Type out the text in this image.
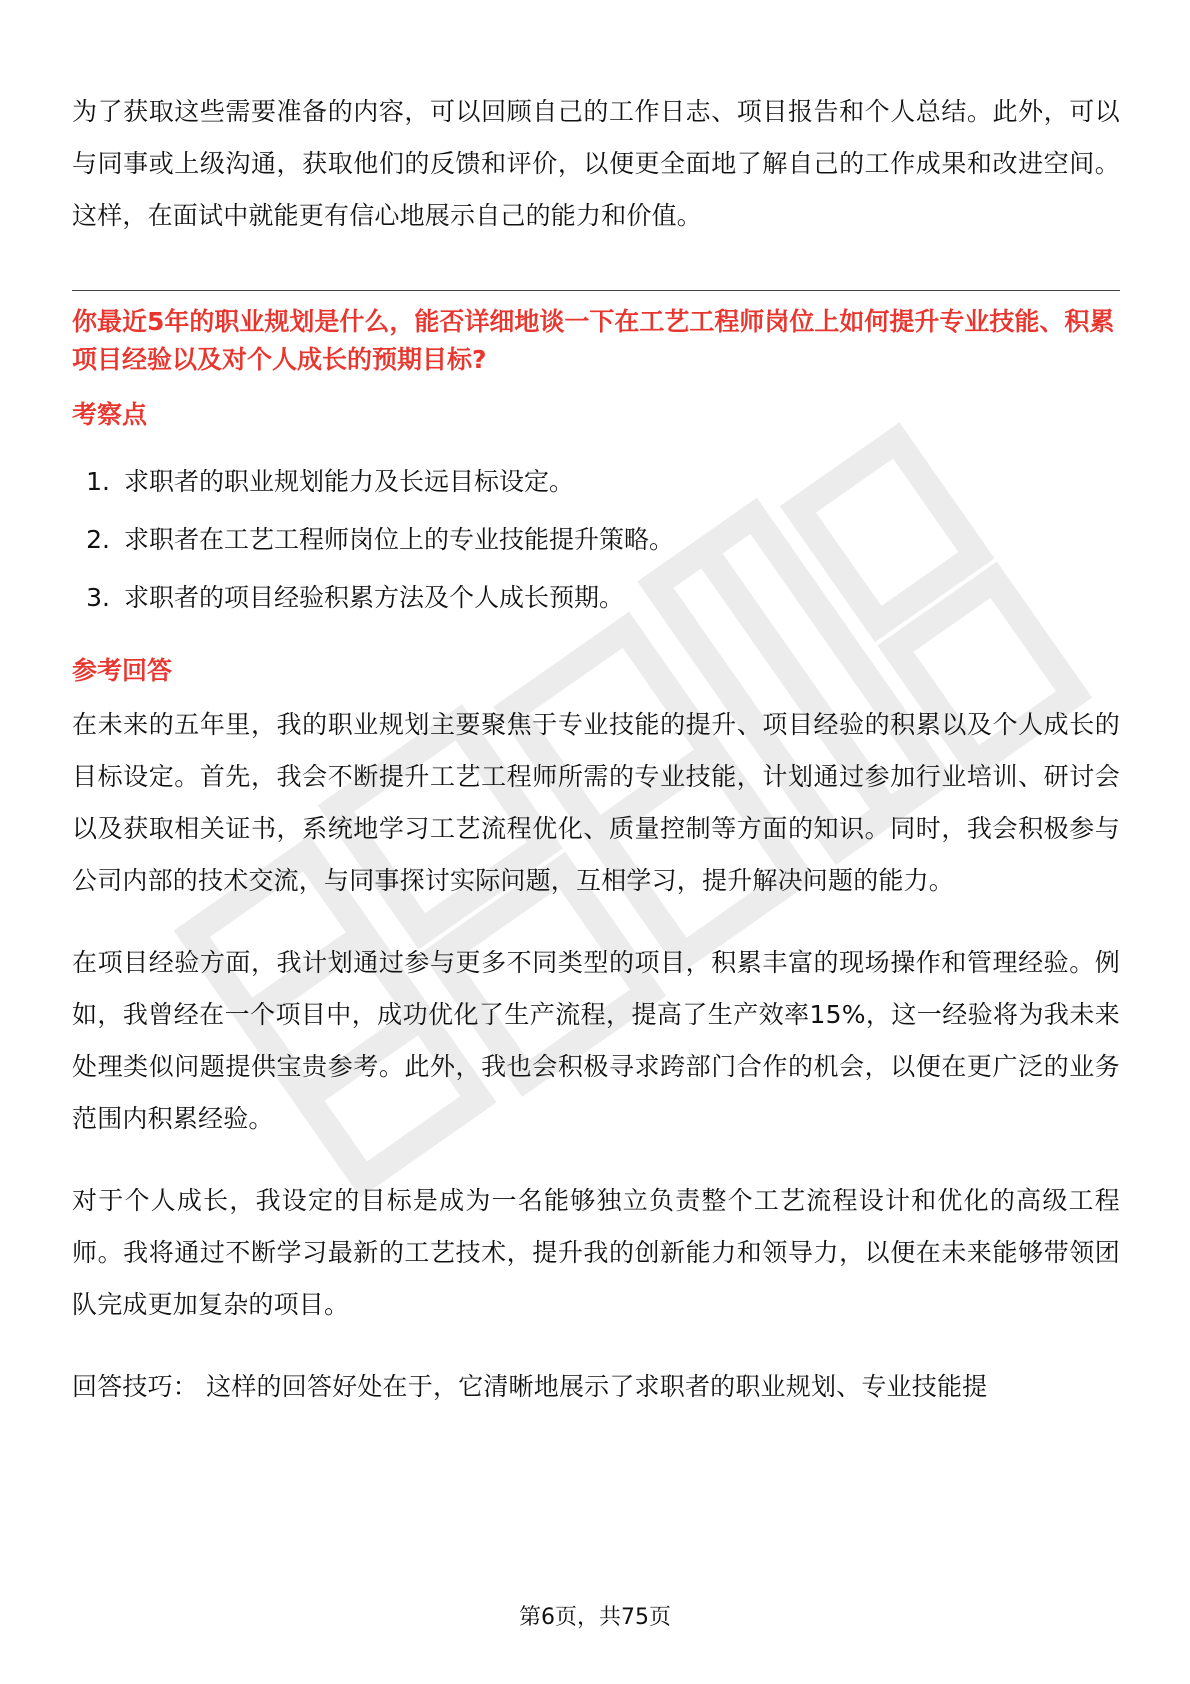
为了获取这些需要准备的内容，可以回顾自己的工作日志、项目报告和个人总结。此外，可以与同事或上级沟通，获取他们的反馈和评价，以便更全面地了解自己的工作成果和改进空间。这样，在面试中就能更有信心地展示自己的能力和价值。

你最近5年的职业规划是什么，能否详细地谈一下在工艺工程师岗位上如何提升专业技能、积累项目经验以及对个人成长的预期目标?

考察点

1. 求职者的职业规划能力及长远目标设定。
2. 求职者在工艺工程师岗位上的专业技能提升策略。
3. 求职者的项目经验积累方法及个人成长预期。

参考回答

在未来的五年里，我的职业规划主要聚焦于专业技能的提升、项目经验的积累以及个人成长的目标设定。首先，我会不断提升工艺工程师所需的专业技能，计划通过参加行业培训、研讨会以及获取相关证书，系统地学习工艺流程优化、质量控制等方面的知识。同时，我会积极参与公司内部的技术交流，与同事探讨实际问题，互相学习，提升解决问题的能力。

在项目经验方面，我计划通过参与更多不同类型的项目，积累丰富的现场操作和管理经验。例如，我曾经在一个项目中，成功优化了生产流程，提高了生产效率15%，这一经验将为我未来处理类似问题提供宝贵参考。此外，我也会积极寻求跨部门合作的机会，以便在更广泛的业务范围内积累经验。

对于个人成长，我设定的目标是成为一名能够独立负责整个工艺流程设计和优化的高级工程师。我将通过不断学习最新的工艺技术，提升我的创新能力和领导力，以便在未来能够带领团队完成更加复杂的项目。

回答技巧： 这样的回答好处在于，它清晰地展示了求职者的职业规划、专业技能提

第6页，共75页
